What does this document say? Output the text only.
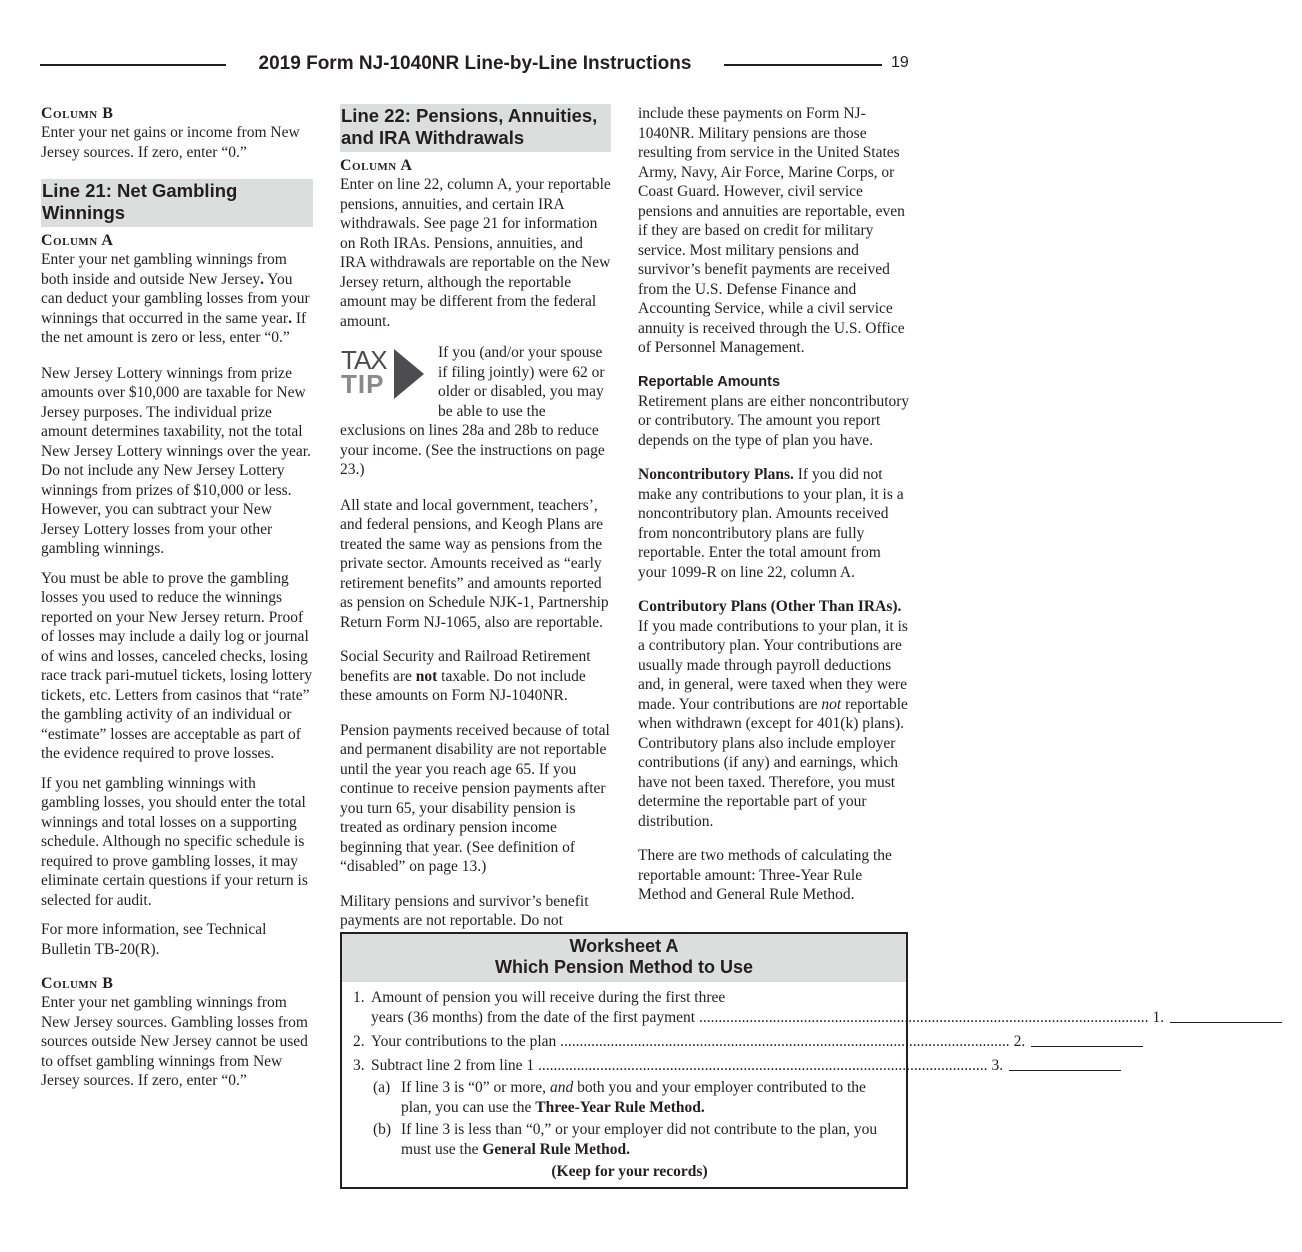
2019 Form NJ-1040NR Line-by-Line Instructions	19
Column B

Enter your net gains or income from New Jersey sources. If zero, enter “0.”

Line 21: Net Gambling Winnings
Column A

Enter your net gambling winnings from both inside and outside New Jersey. You can deduct your gambling losses from your winnings that occurred in the same year. If the net amount is zero or less, enter “0.”

New Jersey Lottery winnings from prize amounts over $10,000 are taxable for New Jersey purposes. The individual prize amount determines taxability, not the total New Jersey Lottery winnings over the year. Do not include any New Jersey Lottery winnings from prizes of $10,000 or less. However, you can subtract your New Jersey Lottery losses from your other gambling winnings.

You must be able to prove the gambling losses you used to reduce the winnings reported on your New Jersey return. Proof of losses may include a daily log or journal of wins and losses, canceled checks, losing race track pari-mutuel tickets, losing lottery tickets, etc. Letters from casinos that “rate” the gambling activity of an individual or “estimate” losses are acceptable as part of the evidence required to prove losses.

If you net gambling winnings with gambling losses, you should enter the total winnings and total losses on a supporting schedule. Although no specific schedule is required to prove gambling losses, it may eliminate certain questions if your return is selected for audit.

For more information, see Technical Bulletin TB-20(R).

Column B

Enter your net gambling winnings from New Jersey sources. Gambling losses from sources outside New Jersey cannot be used to offset gambling winnings from New Jersey sources. If zero, enter “0.”

Line 22: Pensions, Annuities, and IRA Withdrawals
Column A

Enter on line 22, column A, your reportable pensions, annuities, and certain IRA withdrawals. See page 21 for information on Roth IRAs. Pensions, annuities, and IRA withdrawals are reportable on the New Jersey return, although the reportable amount may be different from the federal amount.

TAX
TIP
If you (and/or your spouse if filing jointly) were 62 or older or disabled, you may be able to use the exclusions on lines 28a and 28b to reduce your income. (See the instructions on page 23.)

All state and local government, teachers’, and federal pensions, and Keogh Plans are treated the same way as pensions from the private sector. Amounts received as “early retirement benefits” and amounts reported as pension on Schedule NJK-1, Partnership Return Form NJ-1065, also are reportable.

Social Security and Railroad Retirement benefits are not taxable. Do not include these amounts on Form NJ-1040NR.

Pension payments received because of total and permanent disability are not reportable until the year you reach age 65. If you continue to receive pension payments after you turn 65, your disability pension is treated as ordinary pension income beginning that year. (See definition of “disabled” on page 13.)

Military pensions and survivor’s benefit payments are not reportable. Do not

include these payments on Form NJ-1040NR. Military pensions are those resulting from service in the United States Army, Navy, Air Force, Marine Corps, or Coast Guard. However, civil service pensions and annuities are reportable, even if they are based on credit for military service. Most military pensions and survivor’s benefit payments are received from the U.S. Defense Finance and Accounting Service, while a civil service annuity is received through the U.S. Office of Personnel Management.

Reportable Amounts

Retirement plans are either noncontributory or contributory. The amount you report depends on the type of plan you have.

Noncontributory Plans. If you did not make any contributions to your plan, it is a noncontributory plan. Amounts received from noncontributory plans are fully reportable. Enter the total amount from your 1099-R on line 22, column A.

Contributory Plans (Other Than IRAs). If you made contributions to your plan, it is a contributory plan. Your contributions are usually made through payroll deductions and, in general, were taxed when they were made. Your contributions are not reportable when withdrawn (except for 401(k) plans). Contributory plans also include employer contributions (if any) and earnings, which have not been taxed. Therefore, you must determine the reportable part of your distribution.

There are two methods of calculating the reportable amount: Three-Year Rule Method and General Rule Method.

Worksheet A
Which Pension Method to Use
1. Amount of pension you will receive during the first three
years (36 months) from the date of the first payment .....	1.
2. Your contributions to the plan .....	2.
3. Subtract line 2 from line 1 .....	3.
(a) If line 3 is “0” or more, and both you and your employer contributed to the plan, you can use the Three-Year Rule Method.
(b) If line 3 is less than “0,” or your employer did not contribute to the plan, you must use the General Rule Method.
(Keep for your records)
